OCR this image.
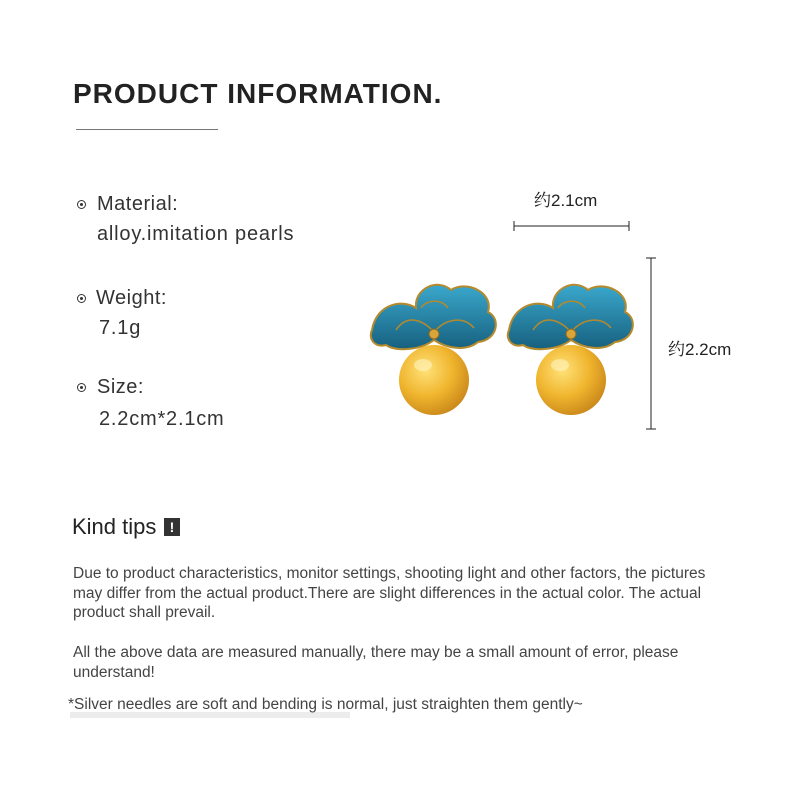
PRODUCT INFORMATION.
Material:
alloy.imitation pearls
Weight:
7.1g
Size:
2.2cm*2.1cm
约2.1cm
约2.2cm
Kind tips !
Due to product characteristics, monitor settings, shooting light and other factors, the pictures may differ from the actual product.There are slight differences in the actual color. The actual product shall prevail.
All the above data are measured manually, there may be a small amount of error, please understand!
*Silver needles are soft and bending is normal, just straighten them gently~
